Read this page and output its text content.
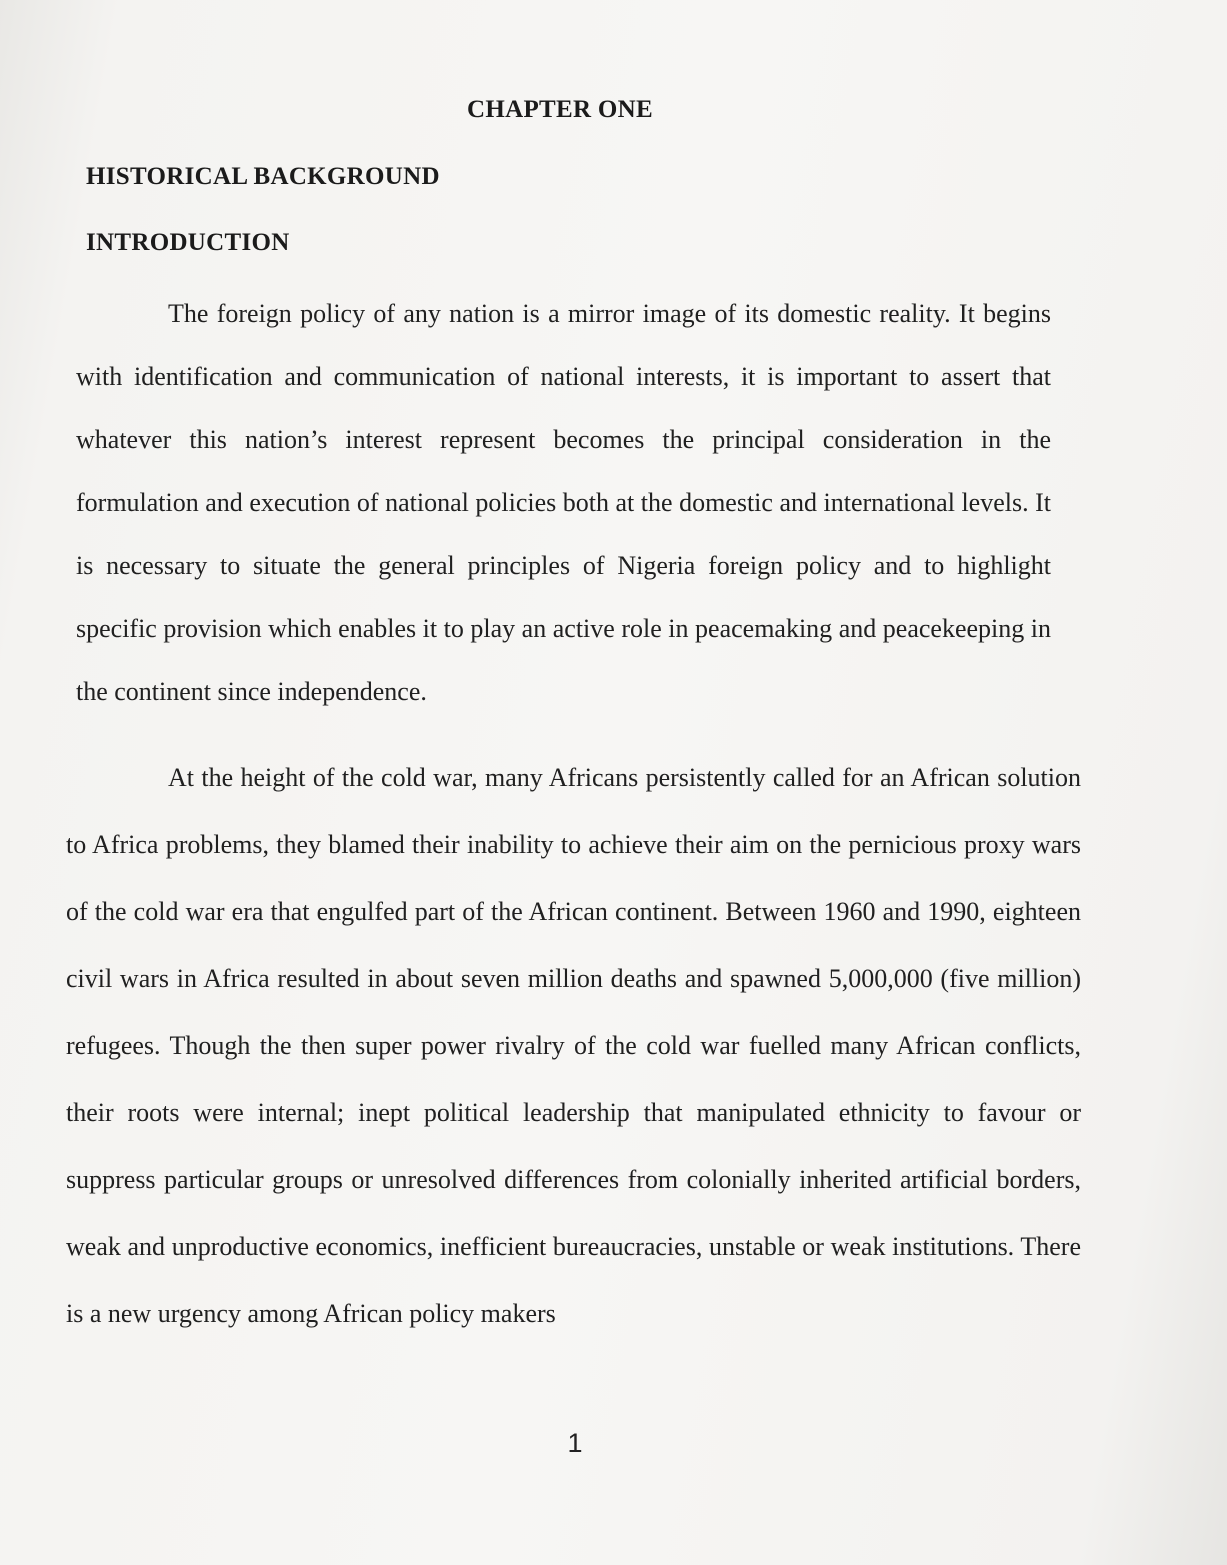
CHAPTER ONE
HISTORICAL BACKGROUND
INTRODUCTION

The foreign policy of any nation is a mirror image of its domestic reality. It begins with identification and communication of national interests, it is important to assert that whatever this nation’s interest represent becomes the principal consideration in the formulation and execution of national policies both at the domestic and international levels. It is necessary to situate the general principles of Nigeria foreign policy and to highlight specific provision which enables it to play an active role in peacemaking and peacekeeping in the continent since independence.

At the height of the cold war, many Africans persistently called for an African solution to Africa problems, they blamed their inability to achieve their aim on the pernicious proxy wars of the cold war era that engulfed part of the African continent. Between 1960 and 1990, eighteen civil wars in Africa resulted in about seven million deaths and spawned 5,000,000 (five million) refugees. Though the then super power rivalry of the cold war fuelled many African conflicts, their roots were internal; inept political leadership that manipulated ethnicity to favour or suppress particular groups or unresolved differences from colonially inherited artificial borders, weak and unproductive economics, inefficient bureaucracies, unstable or weak institutions. There is a new urgency among African policy makers

1
